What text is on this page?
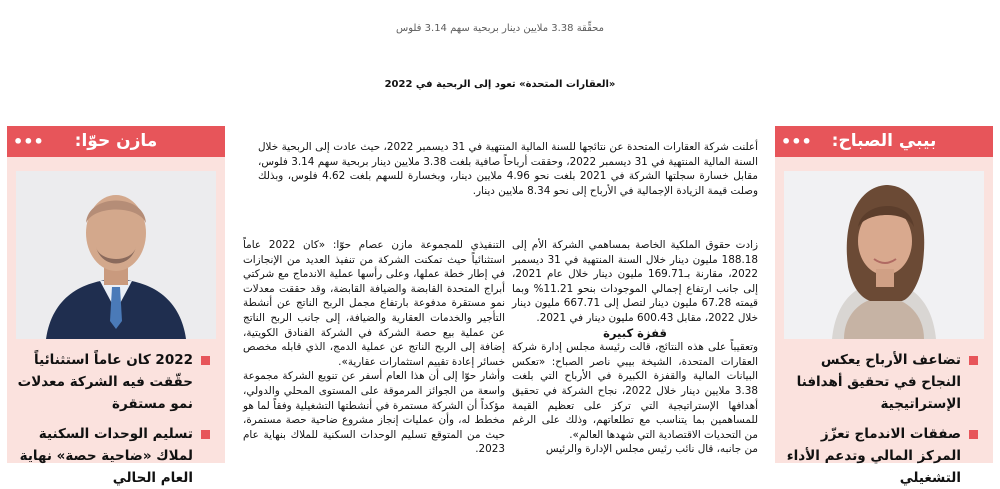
محقِّقة 3.38 ملايين دينار بربحية سهم 3.14 فلوس
«العقارات المتحدة» تعود إلى الربحية في 2022
بيبي الصباح:
•••
تضاعف الأرباح يعكس النجاح في تحقيق أهدافنا الإستراتيجية
صفقات الاندماج تعزّز المركز المالي وتدعم الأداء التشغيلي
مازن حوّا:
•••
2022 كان عاماً استثنائياً حقّقت فيه الشركة معدلات نمو مستقرة
تسليم الوحدات السكنية لملاك «ضاحية حصة» نهاية العام الحالي

أعلنت شركة العقارات المتحدة عن نتائجها للسنة المالية المنتهية في 31 ديسمبر 2022، حيث عادت إلى الربحية خلال السنة المالية المنتهية في 31 ديسمبر 2022، وحققت أرباحاً صافية بلغت 3.38 ملايين دينار بربحية سهم 3.14 فلوس، مقابل خسارة سجلتها الشركة في 2021 بلغت نحو 4.96 ملايين دينار، وبخسارة للسهم بلغت 4.62 فلوس، وبذلك وصلت قيمة الزيادة الإجمالية في الأرباح إلى نحو 8.34 ملايين دينار.

زادت حقوق الملكية الخاصة بمساهمي الشركة الأم إلى 188.18 مليون دينار خلال السنة المنتهية في 31 ديسمبر 2022، مقارنة بـ169.71 مليون دينار خلال عام 2021، إلى جانب ارتفاع إجمالي الموجودات بنحو 11.21% وبما قيمته 67.28 مليون دينار لتصل إلى 667.71 مليون دينار خلال 2022، مقابل 600.43 مليون دينار في 2021.

قفزة كبيرة

وتعقيباً على هذه النتائج، قالت رئيسة مجلس إدارة شركة العقارات المتحدة، الشيخة بيبي ناصر الصباح: «تعكس البيانات المالية والقفزة الكبيرة في الأرباح التي بلغت 3.38 ملايين دينار خلال 2022، نجاح الشركة في تحقيق أهدافها الإستراتيجية التي تركز على تعظيم القيمة للمساهمين بما يتناسب مع تطلعاتهم، وذلك على الرغم من التحديات الاقتصادية التي شهدها العالم».

من جانبه، قال نائب رئيس مجلس الإدارة والرئيس

التنفيذي للمجموعة مازن عصام حوّا: «كان 2022 عاماً استثنائياً حيث تمكنت الشركة من تنفيذ العديد من الإنجازات في إطار خطة عملها، وعلى رأسها عملية الاندماج مع شركتي أبراج المتحدة القابضة والضيافة القابضة، وقد حققت معدلات نمو مستقرة مدفوعة بارتفاع مجمل الربح الناتج عن أنشطة التأجير والخدمات العقارية والضيافة، إلى جانب الربح الناتج عن عملية بيع حصة الشركة في الشركة الفنادق الكويتية، إضافة إلى الربح الناتج عن عملية الدمج، الذي قابله مخصص خسائر إعادة تقييم استثمارات عقارية».

وأشار حوّا إلى أن هذا العام أسفر عن تنويع الشركة مجموعة واسعة من الجوائز المرموقة على المستوى المحلي والدولي، مؤكداً أن الشركة مستمرة في أنشطتها التشغيلية وفقاً لما هو مخطط له، وأن عمليات إنجاز مشروع ضاحية حصة مستمرة، حيث من المتوقع تسليم الوحدات السكنية للملاك بنهاية عام 2023.
